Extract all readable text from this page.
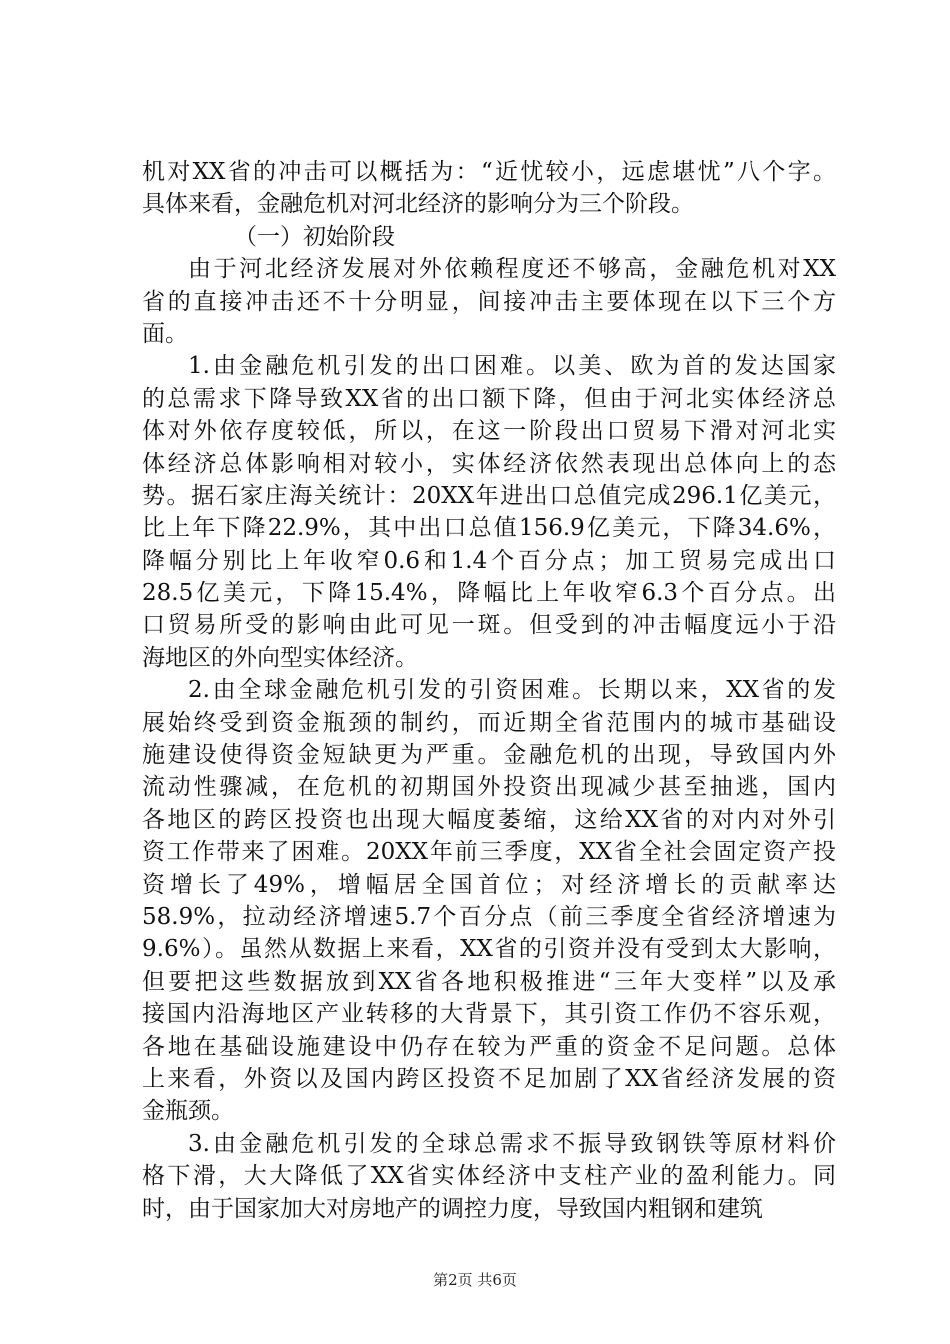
机对XX省的冲击可以概括为：“近忧较小，远虑堪忧”八个字。
具体来看，金融危机对河北经济的影响分为三个阶段。
（一）初始阶段
由于河北经济发展对外依赖程度还不够高，金融危机对XX
省的直接冲击还不十分明显，间接冲击主要体现在以下三个方
面。
1.由金融危机引发的出口困难。以美、欧为首的发达国家
的总需求下降导致XX省的出口额下降，但由于河北实体经济总
体对外依存度较低，所以，在这一阶段出口贸易下滑对河北实
体经济总体影响相对较小，实体经济依然表现出总体向上的态
势。据石家庄海关统计：20XX年进出口总值完成296.1亿美元，
比上年下降22.9%，其中出口总值156.9亿美元，下降34.6%，
降幅分别比上年收窄0.6和1.4个百分点；加工贸易完成出口
28.5亿美元，下降15.4%，降幅比上年收窄6.3个百分点。出
口贸易所受的影响由此可见一斑。但受到的冲击幅度远小于沿
海地区的外向型实体经济。
2.由全球金融危机引发的引资困难。长期以来，XX省的发
展始终受到资金瓶颈的制约，而近期全省范围内的城市基础设
施建设使得资金短缺更为严重。金融危机的出现，导致国内外
流动性骤减，在危机的初期国外投资出现减少甚至抽逃，国内
各地区的跨区投资也出现大幅度萎缩，这给XX省的对内对外引
资工作带来了困难。20XX年前三季度，XX省全社会固定资产投
资增长了49%，增幅居全国首位；对经济增长的贡献率达
58.9%，拉动经济增速5.7个百分点（前三季度全省经济增速为
9.6%）。虽然从数据上来看，XX省的引资并没有受到太大影响，
但要把这些数据放到XX省各地积极推进“三年大变样”以及承
接国内沿海地区产业转移的大背景下，其引资工作仍不容乐观，
各地在基础设施建设中仍存在较为严重的资金不足问题。总体
上来看，外资以及国内跨区投资不足加剧了XX省经济发展的资
金瓶颈。
3.由金融危机引发的全球总需求不振导致钢铁等原材料价
格下滑，大大降低了XX省实体经济中支柱产业的盈利能力。同
时，由于国家加大对房地产的调控力度，导致国内粗钢和建筑
第2页 共6页
